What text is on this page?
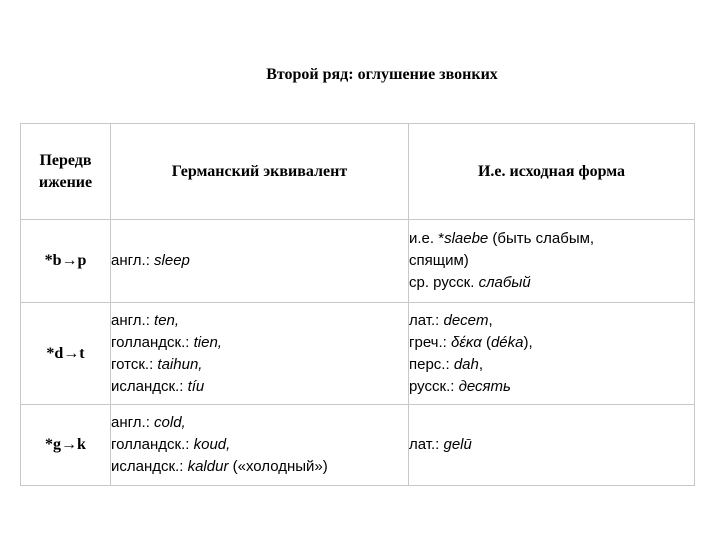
Второй ряд: оглушение звонких
Передв ижение	Германский эквивалент	И.е. исходная форма
*b→p	англ.: sleep	и.е. *slaebe (быть слабым,
спящим)
ср. русск. слабый

*d→t	англ.: ten,
голландск.: tien,
готск.: taihun,
исландск.: tíu	лат.: decem,
греч.: δέκα (déka),
перс.: dah,
русск.: десять

*g→k	англ.: cold,
голландск.: koud,
исландск.: kaldur («холодный»)	лат.: gelū
